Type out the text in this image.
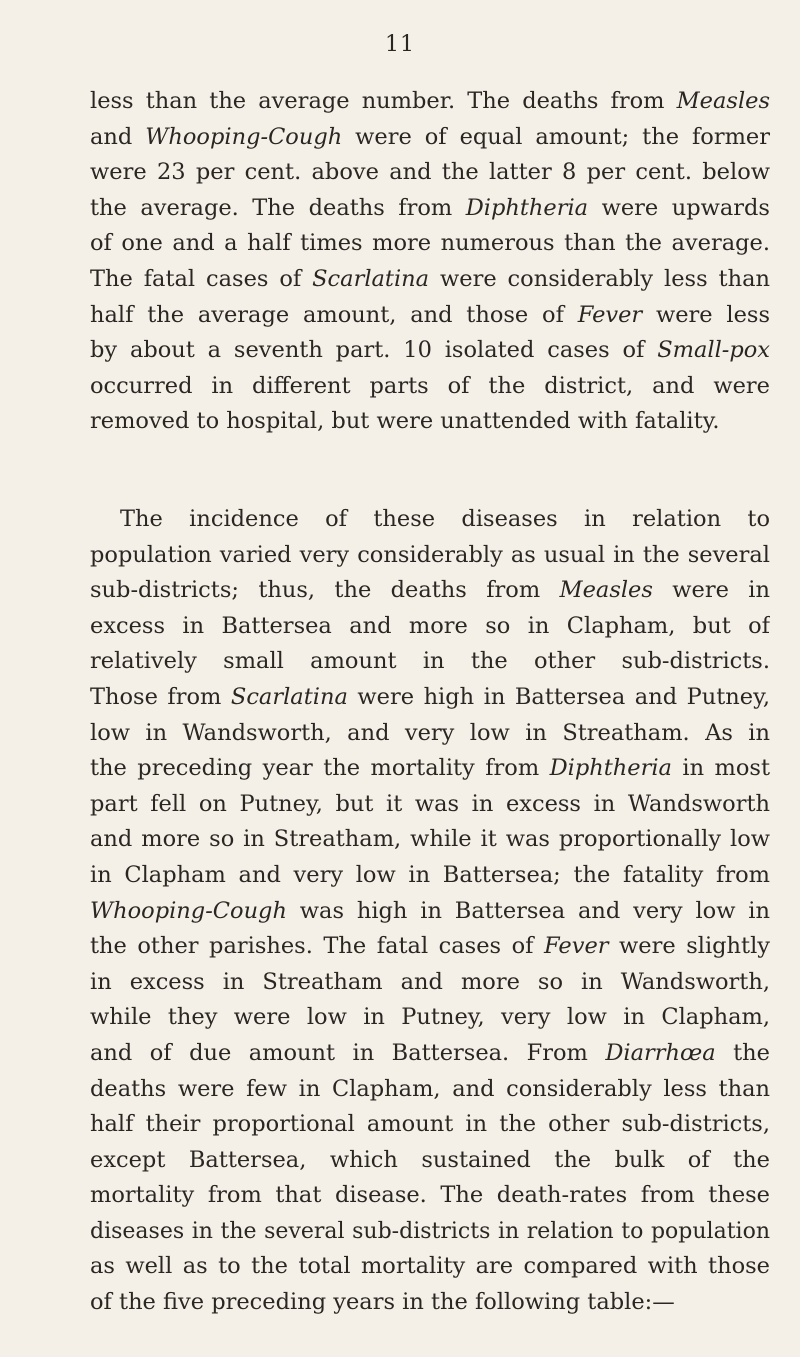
11
less than the average number. The deaths from Measles
and Whooping-Cough were of equal amount; the former
were 23 per cent. above and the latter 8 per cent. below
the average. The deaths from Diphtheria were upwards
of one and a half times more numerous than the average.
The fatal cases of Scarlatina were considerably less than
half the average amount, and those of Fever were less
by about a seventh part. 10 isolated cases of Small-pox
occurred in different parts of the district, and were
removed to hospital, but were unattended with fatality.
The incidence of these diseases in relation to
population varied very considerably as usual in the several
sub-districts; thus, the deaths from Measles were in
excess in Battersea and more so in Clapham, but of
relatively small amount in the other sub-districts.
Those from Scarlatina were high in Battersea and Putney,
low in Wandsworth, and very low in Streatham. As in
the preceding year the mortality from Diphtheria in most
part fell on Putney, but it was in excess in Wandsworth
and more so in Streatham, while it was proportionally low
in Clapham and very low in Battersea; the fatality from
Whooping-Cough was high in Battersea and very low in
the other parishes. The fatal cases of Fever were slightly
in excess in Streatham and more so in Wandsworth,
while they were low in Putney, very low in Clapham,
and of due amount in Battersea. From Diarrhœa the
deaths were few in Clapham, and considerably less than
half their proportional amount in the other sub-districts,
except Battersea, which sustained the bulk of the
mortality from that disease. The death-rates from these
diseases in the several sub-districts in relation to population
as well as to the total mortality are compared with those
of the five preceding years in the following table:—
